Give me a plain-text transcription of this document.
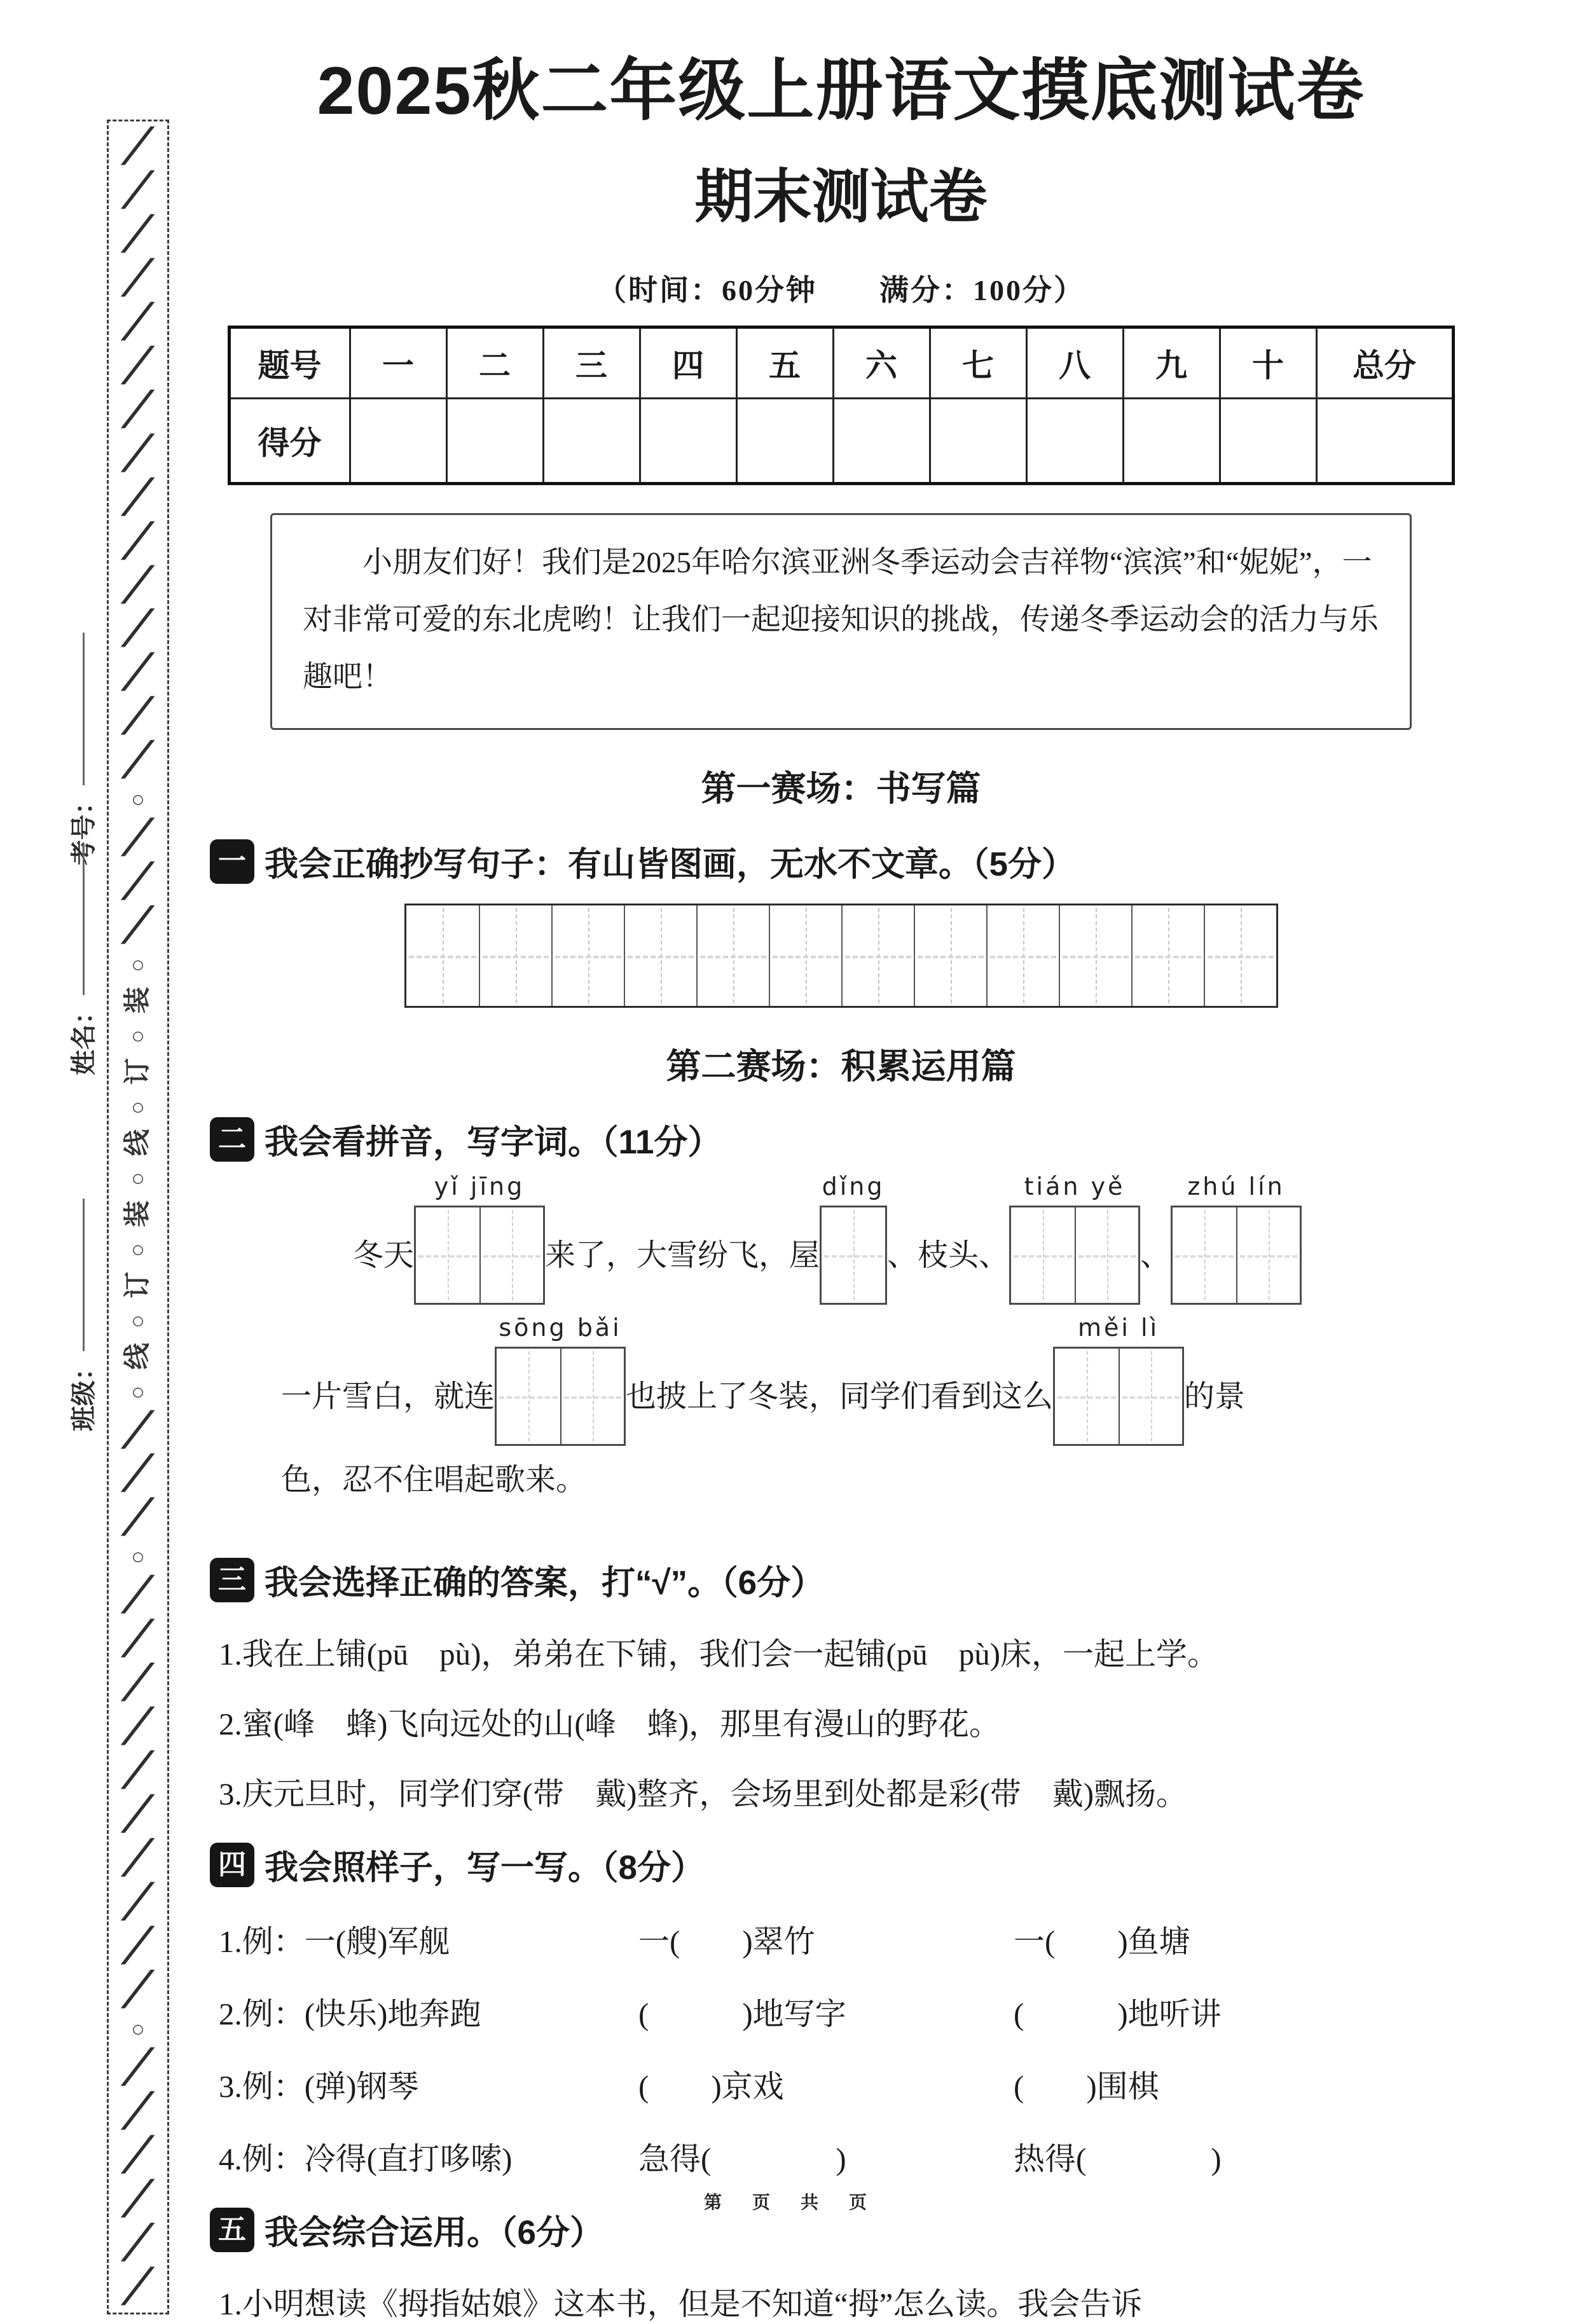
╱
╱
╱
╱
╱
╱
╱
╱
╱
╱
╱
╱
╱
╱
╱
○
╱
╱
╱
○
装
○
订
○
线
○
装
○
订
○
线
○
╱
╱
╱
○
╱
╱
╱
╱
╱
╱
╱
╱
╱
╱
○
╱
╱
╱
╱
╱
╱
考号：
姓名：
班级：
2025秋二年级上册语文摸底测试卷
期末测试卷
（时间：60分钟　　满分：100分）
题号	一	二	三	四	五	六	七	八	九	十	总分
得分											
小朋友们好！我们是2025年哈尔滨亚洲冬季运动会吉祥物“滨滨”和“妮妮”，一对非常可爱的东北虎哟！让我们一起迎接知识的挑战，传递冬季运动会的活力与乐趣吧！
第一赛场：书写篇
一 我会正确抄写句子：有山皆图画，无水不文章。（5分）
第二赛场：积累运用篇
二 我会看拼音，写字词。（11分）
冬天
yǐ jīng
来了，大雪纷飞，屋
dǐng
、枝头、
tián yě
、
zhú lín
一片雪白，就连
sōng bǎi
也披上了冬装，同学们看到这么
měi lì
的景
色，忍不住唱起歌来。
三 我会选择正确的答案，打“√”。（6分）
1.我在上铺(pū　pù)，弟弟在下铺，我们会一起铺(pū　pù)床，一起上学。
2.蜜(峰　蜂)飞向远处的山(峰　蜂)，那里有漫山的野花。
3.庆元旦时，同学们穿(带　戴)整齐，会场里到处都是彩(带　戴)飘扬。
四 我会照样子，写一写。（8分）
1.例：一(艘)军舰	一(　　)翠竹	一(　　)鱼塘
2.例：(快乐)地奔跑	(　　　)地写字	(　　　)地听讲
3.例：(弹)钢琴	(　　)京戏	(　　)围棋
4.例：冷得(直打哆嗦)	急得(　　　　)	热得(　　　　)
五 我会综合运用。（6分）
1.小明想读《拇指姑娘》这本书，但是不知道“拇”怎么读。我会告诉
第　页　共　页
